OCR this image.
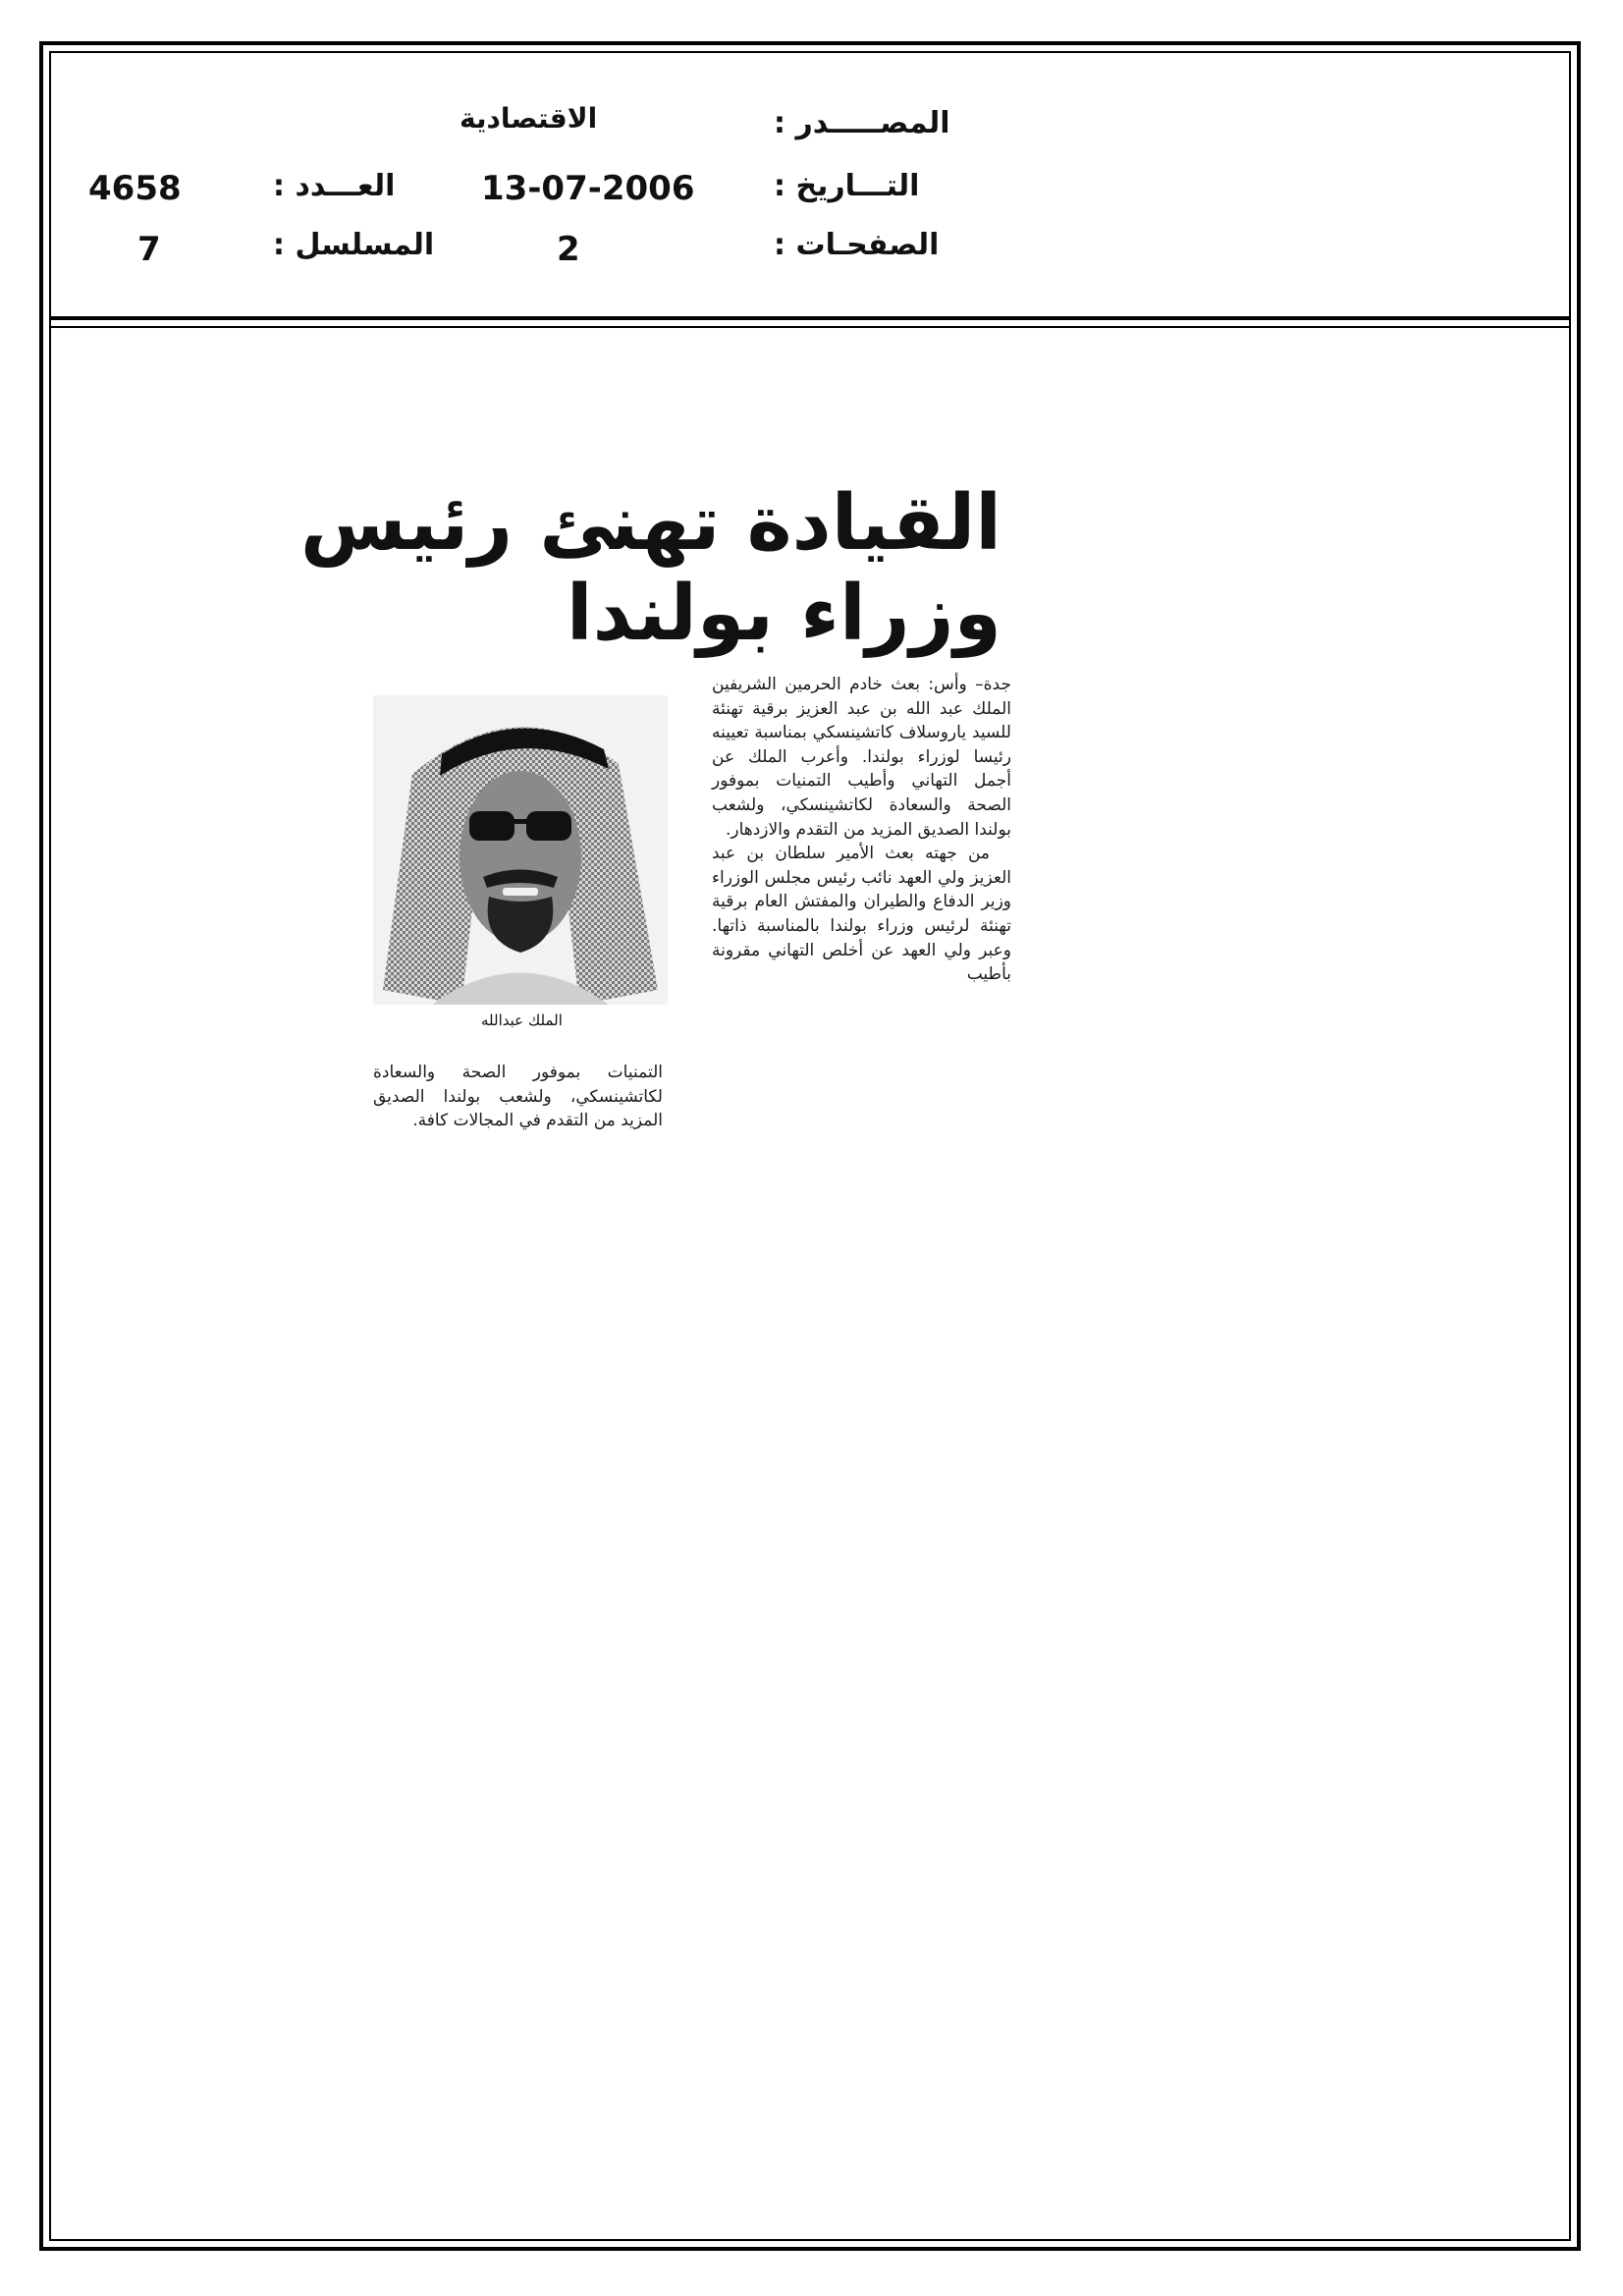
المصـــــدر :
الاقتصادية
التـــاريخ :
13-07-2006
العـــدد :
4658
الصفحـات :
2
المسلسل :
7
القيادة تهنئ رئيس
وزراء بولندا

جدة– وأس: بعث خادم الحرمين الشريفين الملك عبد الله بن عبد العزيز برقية تهنئة للسيد ياروسلاف كاتشينسكي بمناسبة تعيينه رئيسا لوزراء بولندا. وأعرب الملك عن أجمل التهاني وأطيب التمنيات بموفور الصحة والسعادة لكاتشينسكي، ولشعب بولندا الصديق المزيد من التقدم والازدهار.

من جهته بعث الأمير سلطان بن عبد العزيز ولي العهد نائب رئيس مجلس الوزراء وزير الدفاع والطيران والمفتش العام برقية تهنئة لرئيس وزراء بولندا بالمناسبة ذاتها. وعبر ولي العهد عن أخلص التهاني مقرونة بأطيب

الملك عبدالله

التمنيات بموفور الصحة والسعادة لكاتشينسكي، ولشعب بولندا الصديق المزيد من التقدم في المجالات كافة.
